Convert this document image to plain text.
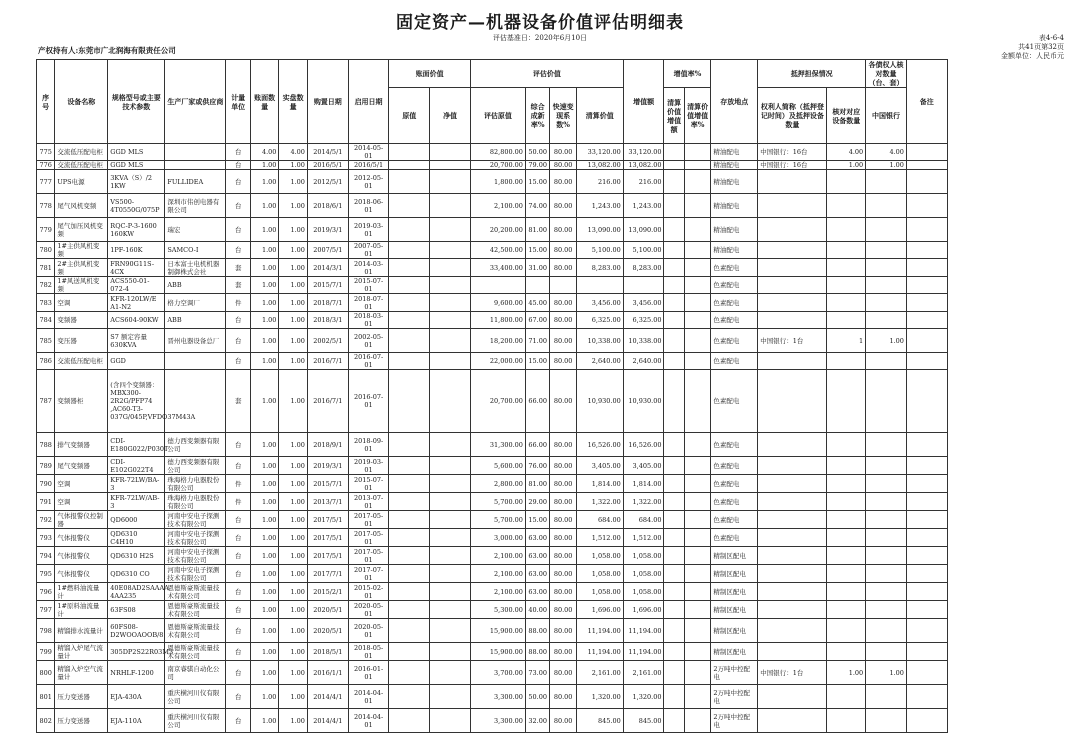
固定资产—机器设备价值评估明细表
评估基准日：2020年6月10日
产权持有人:东莞市广北润海有限责任公司
表4-6-4
共41页第32页
金额单位：人民币元
序号	设备名称	规格型号或主要技术参数	生产厂家或供应商	计量单位	账面数量	实盘数量	购置日期	启用日期	账面价值		评估价值				增值额	增值率%		存放地点	抵押担保情况		各债权人核对数量（台、套）	备注
									原值	净值	评估原值	综合成新率%	快速变现系数%	清算价值		清算价值增值额	清算价值增值率%		权利人简称（抵押登记时间）及抵押设备数量	核对对应设备数量	中国银行	
775	交流低压配电柜	GGD MLS		台	4.00	4.00	2014/5/1	2014-05-01			82,800.00	50.00	80.00	33,120.00	33,120.00			精油配电	中国银行：16台	4.00	4.00	
776	交流低压配电柜	GGD MLS		台	1.00	1.00	2016/5/1	2016/5/1			20,700.00	79.00	80.00	13,082.00	13,082.00			精油配电	中国银行：16台	1.00	1.00	
777	UPS电源	3KVA（S）/2 1KW	FULLIDEA	台	1.00	1.00	2012/5/1	2012-05-01			1,800.00	15.00	80.00	216.00	216.00			精油配电				
778	尾气风机变频	VS500-4T0550G/075P	深圳市伟创电器有限公司	台	1.00	1.00	2018/6/1	2018-06-01			2,100.00	74.00	80.00	1,243.00	1,243.00			精油配电				
779	尾气加压风机变频	RQC-P-3-1600 160KW	瑞宏	台	1.00	1.00	2019/3/1	2019-03-01			20,200.00	81.00	80.00	13,090.00	13,090.00			精油配电				
780	1#主供风机变频	1PF-160K	SAMCO-I	台	1.00	1.00	2007/5/1	2007-05-01			42,500.00	15.00	80.00	5,100.00	5,100.00			精油配电				
781	2#主供风机变频	FRN90G11S-4CX	日本富士电机机器制御株式会社	套	1.00	1.00	2014/3/1	2014-03-01			33,400.00	31.00	80.00	8,283.00	8,283.00			色素配电				
782	1#风送风机变频	ACS550-01-072-4	ABB	套	1.00	1.00	2015/7/1	2015-07-01										色素配电				
783	空调	KFR-120LW/E A1-N2	格力空调厂	件	1.00	1.00	2018/7/1	2018-07-01			9,600.00	45.00	80.00	3,456.00	3,456.00			色素配电				
784	变频器	ACS604-90KW	ABB	台	1.00	1.00	2018/3/1	2018-03-01			11,800.00	67.00	80.00	6,325.00	6,325.00			色素配电				
785	变压器	S7 额定容量630KVA	晋州电器设备总厂	台	1.00	1.00	2002/5/1	2002-05-01			18,200.00	71.00	80.00	10,338.00	10,338.00			色素配电	中国银行：1台	1	1.00	
786	交流低压配电柜	GGD		台	1.00	1.00	2016/7/1	2016-07-01			22,000.00	15.00	80.00	2,640.00	2,640.00			色素配电				
787	变频器柜	(含四个变频器：MBX300-2R2G/PFP74 ,AC60-T3-037G/045P,VFDO37M43A		套	1.00	1.00	2016/7/1	2016-07-01			20,700.00	66.00	80.00	10,930.00	10,930.00			色素配电				
788	排气变频器	CDI-E180G022/P030T	德力西变频器有限公司	台	1.00	1.00	2018/9/1	2018-09-01			31,300.00	66.00	80.00	16,526.00	16,526.00			色素配电				
789	尾气变频器	CDI-E102G022T4	德力西变频器有限公司	台	1.00	1.00	2019/3/1	2019-03-01			5,600.00	76.00	80.00	3,405.00	3,405.00			色素配电				
790	空调	KFR-72LW/BA-3	珠海格力电器股份有限公司	件	1.00	1.00	2015/7/1	2015-07-01			2,800.00	81.00	80.00	1,814.00	1,814.00			色素配电				
791	空调	KFR-72LW/AB-3	珠海格力电器股份有限公司	件	1.00	1.00	2013/7/1	2013-07-01			5,700.00	29.00	80.00	1,322.00	1,322.00			色素配电				
792	气体报警仪控制器	QD6000	河南中安电子探测技术有限公司	台	1.00	1.00	2017/5/1	2017-05-01			5,700.00	15.00	80.00	684.00	684.00			色素配电				
793	气体报警仪	QD6310 C4H10	河南中安电子探测技术有限公司	台	1.00	1.00	2017/5/1	2017-05-01			3,000.00	63.00	80.00	1,512.00	1,512.00			色素配电				
794	气体报警仪	QD6310 H2S	河南中安电子探测技术有限公司	台	1.00	1.00	2017/5/1	2017-05-01			2,100.00	63.00	80.00	1,058.00	1,058.00			精制区配电				
795	气体报警仪	QD6310 CO	河南中安电子探测技术有限公司	台	1.00	1.00	2017/7/1	2017-07-01			2,100.00	63.00	80.00	1,058.00	1,058.00			精制区配电				
796	1#燃料油流量计	40E08AD2SAAAA 4AA235	恩德斯豪斯流量技术有限公司	台	1.00	1.00	2015/2/1	2015-02-01			2,100.00	63.00	80.00	1,058.00	1,058.00			精制区配电				
797	1#原料油流量计	63FS08	恩德斯豪斯流量技术有限公司	台	1.00	1.00	2020/5/1	2020-05-01			5,300.00	40.00	80.00	1,696.00	1,696.00			精制区配电				
798	精馏排水流量计	60FS08-D2WOOAOOB/8	恩德斯豪斯流量技术有限公司	台	1.00	1.00	2020/5/1	2020-05-01			15,900.00	88.00	80.00	11,194.00	11,194.00			精制区配电				
799	精馏入炉尾气流量计	305DP2S22R03M3	恩德斯豪斯流量技术有限公司	台	1.00	1.00	2018/5/1	2018-05-01			15,900.00	88.00	80.00	11,194.00	11,194.00			精制区配电				
800	精馏入炉空气流量计	NRHLF-1200	南京睿骐自动化公司	台	1.00	1.00	2016/1/1	2016-01-01			3,700.00	73.00	80.00	2,161.00	2,161.00			2万吨中控配电	中国银行：1台	1.00	1.00	
801	压力变送器	EJA-430A	重庆横河川仪有限公司	台	1.00	1.00	2014/4/1	2014-04-01			3,300.00	50.00	80.00	1,320.00	1,320.00			2万吨中控配电				
802	压力变送器	EJA-110A	重庆横河川仪有限公司	台	1.00	1.00	2014/4/1	2014-04-01			3,300.00	32.00	80.00	845.00	845.00			2万吨中控配电				
